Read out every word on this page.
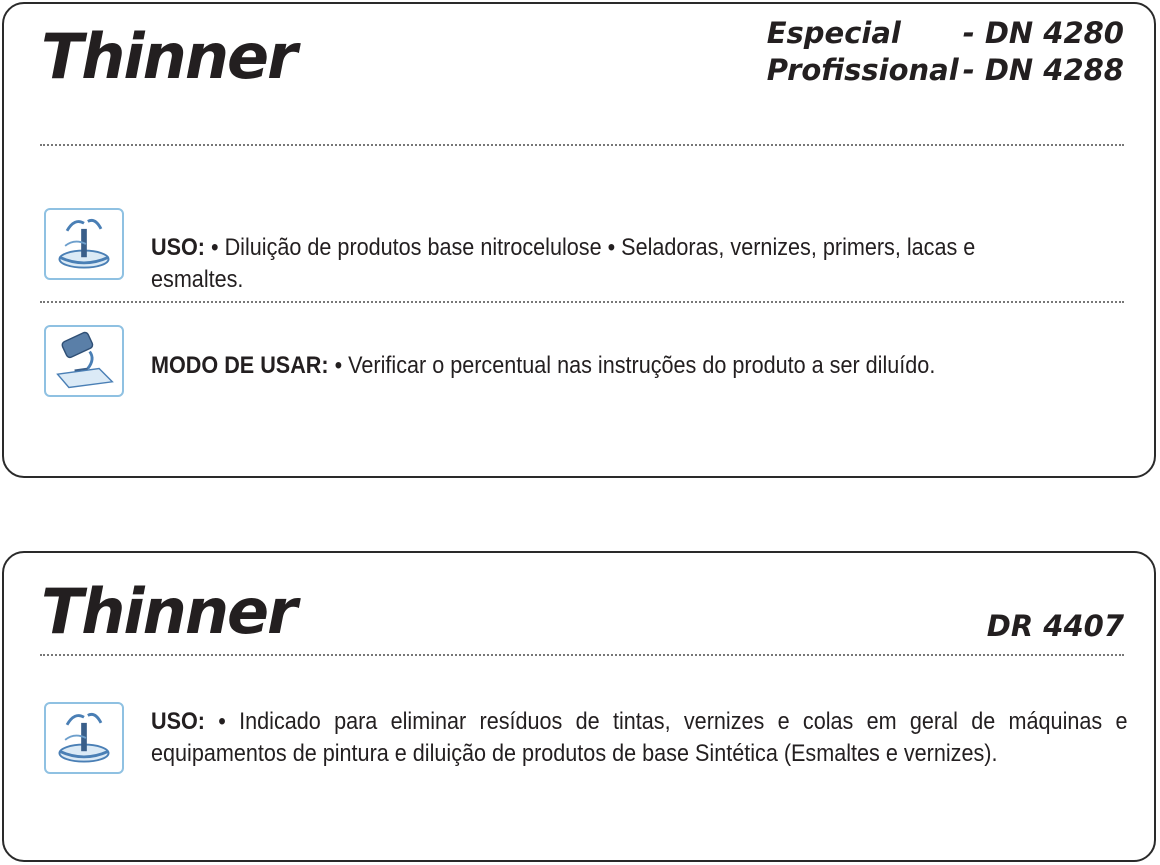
Thinner	Especial	- DN 4280
Profissional - DN 4288
USO: • Diluição de produtos base nitrocelulose • Seladoras, vernizes, primers, lacas e esmaltes.
MODO DE USAR: • Verificar o percentual nas instruções do produto a ser diluído.
Thinner	DR 4407
USO: • Indicado para eliminar resíduos de tintas, vernizes e colas em geral de máquinas e equipamentos de pintura e diluição de produtos de base Sintética (Esmaltes e vernizes).
